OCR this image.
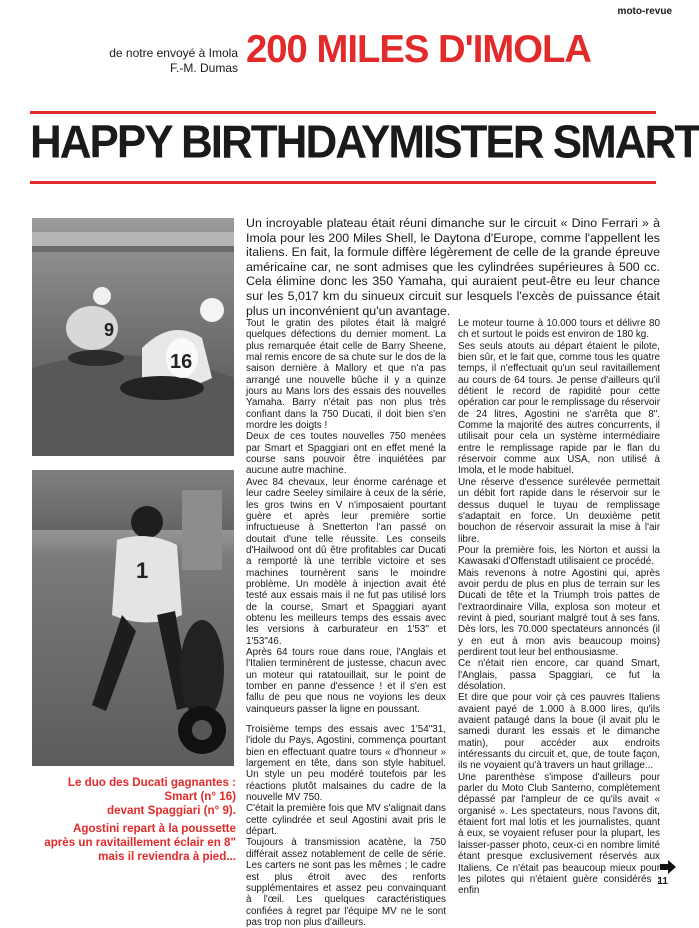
moto-revue
de notre envoyé à Imola
F.-M. Dumas 200 MILES D'IMOLA
HAPPY BIRTHDAY MISTER SMART
Un incroyable plateau était réuni dimanche sur le circuit « Dino Ferrari » à Imola pour les 200 Miles Shell, le Daytona d'Europe, comme l'appellent les italiens. En fait, la formule diffère légèrement de celle de la grande épreuve américaine car, ne sont admises que les cylindrées supérieures à 500 cc. Cela élimine donc les 350 Yamaha, qui auraient peut-être eu leur chance sur les 5,017 km du sinueux circuit sur lesquels l'excès de puissance était plus un inconvénient qu'un avantage.
9
16
1
Le duo des Ducati gagnantes :
Smart (n° 16)
devant Spaggiari (n° 9).
Agostini repart à la poussette
après un ravitaillement éclair en 8"
mais il reviendra à pied...

Tout le gratin des pilotes était là malgré quelques défections du dernier moment. La plus remarquée était celle de Barry Sheene, mal remis encore de sa chute sur le dos de la saison dernière à Mallory et que n'a pas arrangé une nouvelle bûche il y a quinze jours au Mans lors des essais des nouvelles Yamaha. Barry n'était pas non plus très confiant dans la 750 Ducati, il doit bien s'en mordre les doigts !

Deux de ces toutes nouvelles 750 menées par Smart et Spaggiari ont en effet mené la course sans pouvoir être inquiétées par aucune autre machine.

Avec 84 chevaux, leur énorme carénage et leur cadre Seeley similaire à ceux de la série, les gros twins en V n'imposaient pourtant guère et après leur première sortie infructueuse à Snetterton l'an passé on doutait d'une telle réussite. Les conseils d'Hailwood ont dû être profitables car Ducati a remporté là une terrible victoire et ses machines tournèrent sans le moindre problème. Un modèle à injection avait été testé aux essais mais il ne fut pas utilisé lors de la course, Smart et Spaggiari ayant obtenu les meilleurs temps des essais avec les versions à carburateur en 1'53" et 1'53"46.

Après 64 tours roue dans roue, l'Anglais et l'Italien terminèrent de justesse, chacun avec un moteur qui ratatouillait, sur le point de tomber en panne d'essence ! et il s'en est fallu de peu que nous ne voyions les deux vainqueurs passer la ligne en poussant.

Troisième temps des essais avec 1'54"31, l'idole du Pays, Agostini, commença pourtant bien en effectuant quatre tours « d'honneur » largement en tête, dans son style habituel. Un style un peu modéré toutefois par les réactions plutôt malsaines du cadre de la nouvelle MV 750.

C'était la première fois que MV s'alignait dans cette cylindrée et seul Agostini avait pris le départ.

Toujours à transmission acatène, la 750 différait assez notablement de celle de série. Les carters ne sont pas les mêmes ; le cadre est plus étroit avec des renforts supplémentaires et assez peu convainquant à l'œil. Les quelques caractéristiques confiées à regret par l'équipe MV ne le sont pas trop non plus d'ailleurs.

Le moteur tourne à 10.000 tours et délivre 80 ch et surtout le poids est environ de 180 kg.

Ses seuls atouts au départ étaient le pilote, bien sûr, et le fait que, comme tous les quatre temps, il n'effectuait qu'un seul ravitaillement au cours de 64 tours. Je pense d'ailleurs qu'il détient le record de rapidité pour cette opération car pour le remplissage du réservoir de 24 litres, Agostini ne s'arrêta que 8". Comme la majorité des autres concurrents, il utilisait pour cela un système intermédiaire entre le remplissage rapide par le flan du réservoir comme aux USA, non utilisé à Imola, et le mode habituel.

Une réserve d'essence surélevée permettait un débit fort rapide dans le réservoir sur le dessus duquel le tuyau de remplissage s'adaptait en force. Un deuxième petit bouchon de réservoir assurait la mise à l'air libre.

Pour la première fois, les Norton et aussi la Kawasaki d'Offenstadt utilisaient ce procédé.

Mais revenons à notre Agostini qui, après avoir perdu de plus en plus de terrain sur les Ducati de tête et la Triumph trois pattes de l'extraordinaire Villa, explosa son moteur et revint à pied, souriant malgré tout à ses fans. Dès lors, les 70.000 spectateurs annoncés (il y en eut à mon avis beaucoup moins) perdirent tout leur bel enthousiasme.

Ce n'était rien encore, car quand Smart, l'Anglais, passa Spaggiari, ce fut la désolation.

Et dire que pour voir çà ces pauvres Italiens avaient payé de 1.000 à 8.000 lires, qu'ils avaient pataugé dans la boue (il avait plu le samedi durant les essais et le dimanche matin), pour accéder aux endroits intéressants du circuit et, que, de toute façon, ils ne voyaient qu'à travers un haut grillage...

Une parenthèse s'impose d'ailleurs pour parler du Moto Club Santerno, complètement dépassé par l'ampleur de ce qu'ils avait « organisé ». Les spectateurs, nous l'avons dit, étaient fort mal lotis et les journalistes, quant à eux, se voyaient refuser pour la plupart, les laisser-passer photo, ceux-ci en nombre limité étant presque exclusivement réservés aux Italiens. Ce n'était pas beaucoup mieux pour les pilotes qui n'étaient guère considérés ; enfin

11
